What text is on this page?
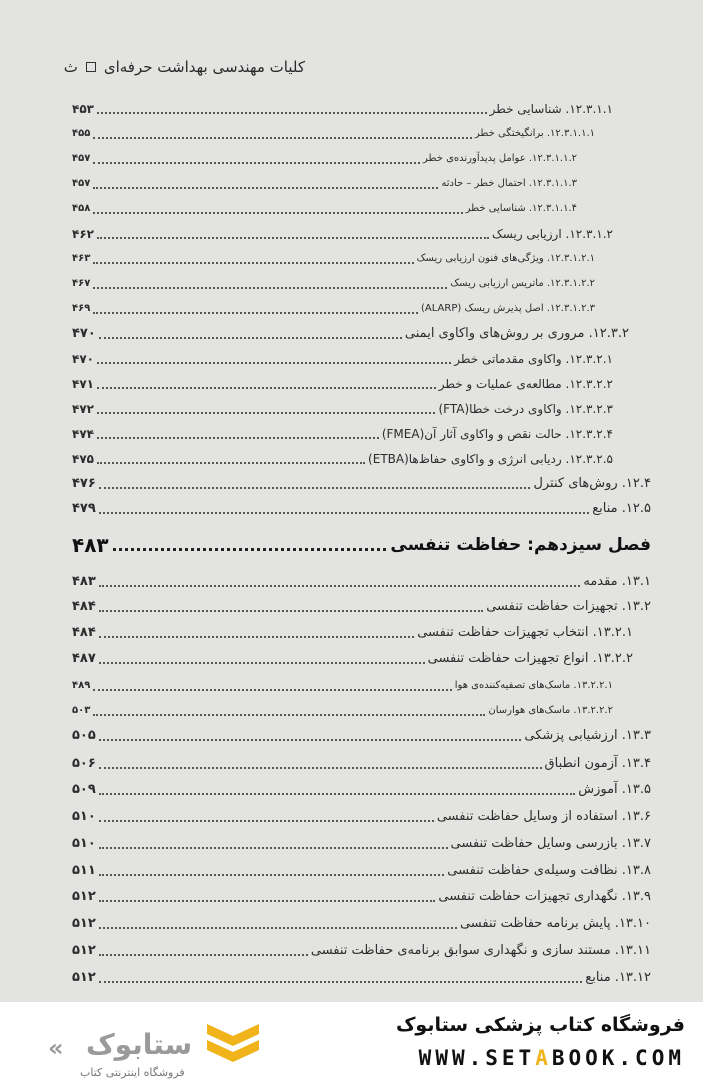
کلیات مهندسی بهداشت حرفه‌ای
ث
۱۲.۳.۱.۱. شناسایی خطر
۴۵۳
۱۲.۳.۱.۱.۱. برانگیختگی خطر
۴۵۵
۱۲.۳.۱.۱.۲. عوامل پدیدآورنده‌ی خطر
۴۵۷
۱۲.۳.۱.۱.۳. احتمال خطر – حادثه
۴۵۷
۱۲.۳.۱.۱.۴. شناسایی خطر
۴۵۸
۱۲.۳.۱.۲. ارزیابی ریسک
۴۶۲
۱۲.۳.۱.۲.۱. ویژگی‌های فنون ارزیابی ریسک
۴۶۳
۱۲.۳.۱.۲.۲. ماتریس ارزیابی ریسک
۴۶۷
۱۲.۳.۱.۲.۳. اصل پذیرش ریسک (ALARP)
۴۶۹
۱۲.۳.۲. مروری بر روش‌های واکاوی ایمنی
۴۷۰
۱۲.۳.۲.۱. واکاوی مقدماتی خطر
۴۷۰
۱۲.۳.۲.۲. مطالعه‌ی عملیات و خطر
۴۷۱
۱۲.۳.۲.۳. واکاوی درخت خطا(FTA)
۴۷۲
۱۲.۳.۲.۴. حالت نقص و واکاوی آثار آن(FMEA)
۴۷۴
۱۲.۳.۲.۵. ردیابی انرژی و واکاوی حفاظ‌ها(ETBA)
۴۷۵
۱۲.۴. روش‌های کنترل
۴۷۶
۱۲.۵. منابع
۴۷۹
۱۳.۱. مقدمه
۴۸۳
۱۳.۲. تجهیزات حفاظت تنفسی
۴۸۴
۱۳.۲.۱. انتخاب تجهیزات حفاظت تنفسی
۴۸۴
۱۳.۲.۲. انواع تجهیزات حفاظت تنفسی
۴۸۷
۱۳.۲.۲.۱. ماسک‌های تصفیه‌کننده‌ی هوا
۴۸۹
۱۳.۲.۲.۲. ماسک‌های هوارسان
۵۰۳
۱۳.۳. ارزشیابی پزشکی
۵۰۵
۱۳.۴. آزمون انطباق
۵۰۶
۱۳.۵. آموزش
۵۰۹
۱۳.۶. استفاده از وسایل حفاظت تنفسی
۵۱۰
۱۳.۷. بازرسی وسایل حفاظت تنفسی
۵۱۰
۱۳.۸. نظافت وسیله‌ی حفاظت تنفسی
۵۱۱
۱۳.۹. نگهداری تجهیزات حفاظت تنفسی
۵۱۲
۱۳.۱۰. پایش برنامه حفاظت تنفسی
۵۱۲
۱۳.۱۱. مستند سازی و نگهداری سوابق برنامه‌ی حفاظت تنفسی
۵۱۲
۱۳.۱۲. منابع
۵۱۲
فصل سیزدهم: حفاظت تنفسی
۴۸۳
« ستابوک
فروشگاه اینترنتی کتاب
فروشگاه کتاب پزشکی ستابوک
WWW.SETABOOK.COM
